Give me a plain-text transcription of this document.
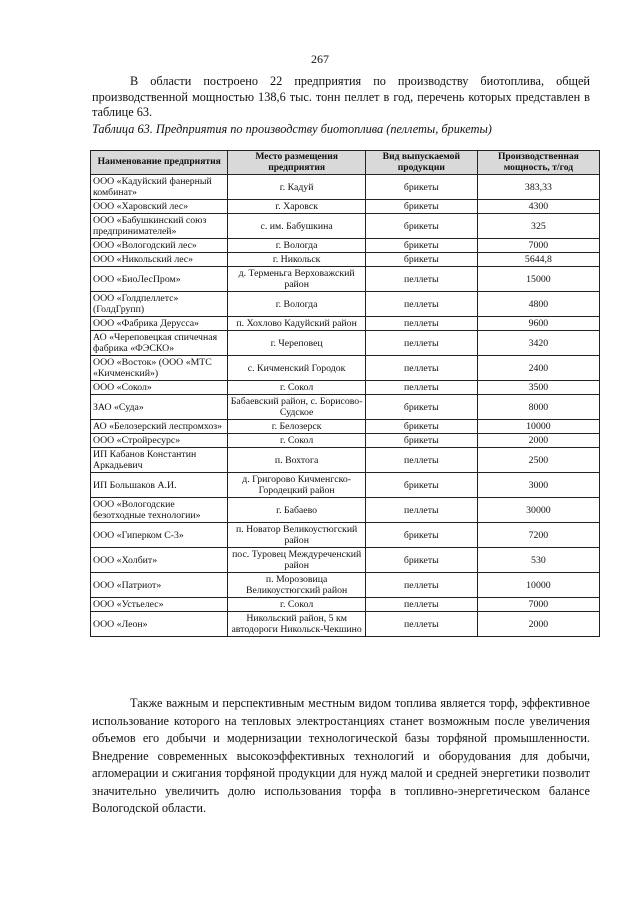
267

В области построено 22 предприятия по производству биотоплива, общей производственной мощностью 138,6 тыс. тонн пеллет в год, перечень которых представлен в таблице 63.

Таблица 63. Предприятия по производству биотоплива (пеллеты, брикеты)

Наименование предприятия	Место размещения предприятия	Вид выпускаемой продукции	Производственная мощность, т/год
ООО «Кадуйский фанерный комбинат»	г. Кадуй	брикеты	383,33
ООО «Харовский лес»	г. Харовск	брикеты	4300
ООО «Бабушкинский союз предпринимателей»	с. им. Бабушкина	брикеты	325
ООО «Вологодский лес»	г. Вологда	брикеты	7000
ООО «Никольский лес»	г. Никольск	брикеты	5644,8
ООО «БиоЛесПром»	д. Терменьга Верховажский район	пеллеты	15000
ООО «Голдпеллетс» (ГолдГрупп)	г. Вологда	пеллеты	4800
ООО «Фабрика Деруссa»	п. Хохлово Кадуйский район	пеллеты	9600
АО «Череповецкая спичечная фабрика «ФЭСКО»	г. Череповец	пеллеты	3420
ООО «Восток» (ООО «МТС «Кичменский»)	с. Кичменский Городок	пеллеты	2400
ООО «Сокол»	г. Сокол	пеллеты	3500
ЗАО «Суда»	Бабаевский район, с. Борисово-Судское	брикеты	8000
АО «Белозерский леспромхоз»	г. Белозерск	брикеты	10000
ООО «Стройресурс»	г. Сокол	брикеты	2000
ИП Кабанов Константин Аркадьевич	п. Вохтога	пеллеты	2500
ИП Большаков А.И.	д. Григорово Кичменгско-Городецкий район	брикеты	3000
ООО «Вологодские безотходные технологии»	г. Бабаево	пеллеты	30000
ООО «Гиперком С-3»	п. Новатор Великоустюгский район	брикеты	7200
ООО «Холбит»	пос. Туровец Междуреченский район	брикеты	530
ООО «Патриот»	п. Морозовица Великоустюгский район	пеллеты	10000
ООО «Устьелес»	г. Сокол	пеллеты	7000
ООО «Леон»	Никольский район, 5 км автодороги Никольск-Чекшино	пеллеты	2000

Также важным и перспективным местным видом топлива является торф, эффективное использование которого на тепловых электростанциях станет возможным после увеличения объемов его добычи и модернизации технологической базы торфяной промышленности. Внедрение современных высокоэффективных технологий и оборудования для добычи, агломерации и сжигания торфяной продукции для нужд малой и средней энергетики позволит значительно увеличить долю использования торфа в топливно-энергетическом балансе Вологодской области.
